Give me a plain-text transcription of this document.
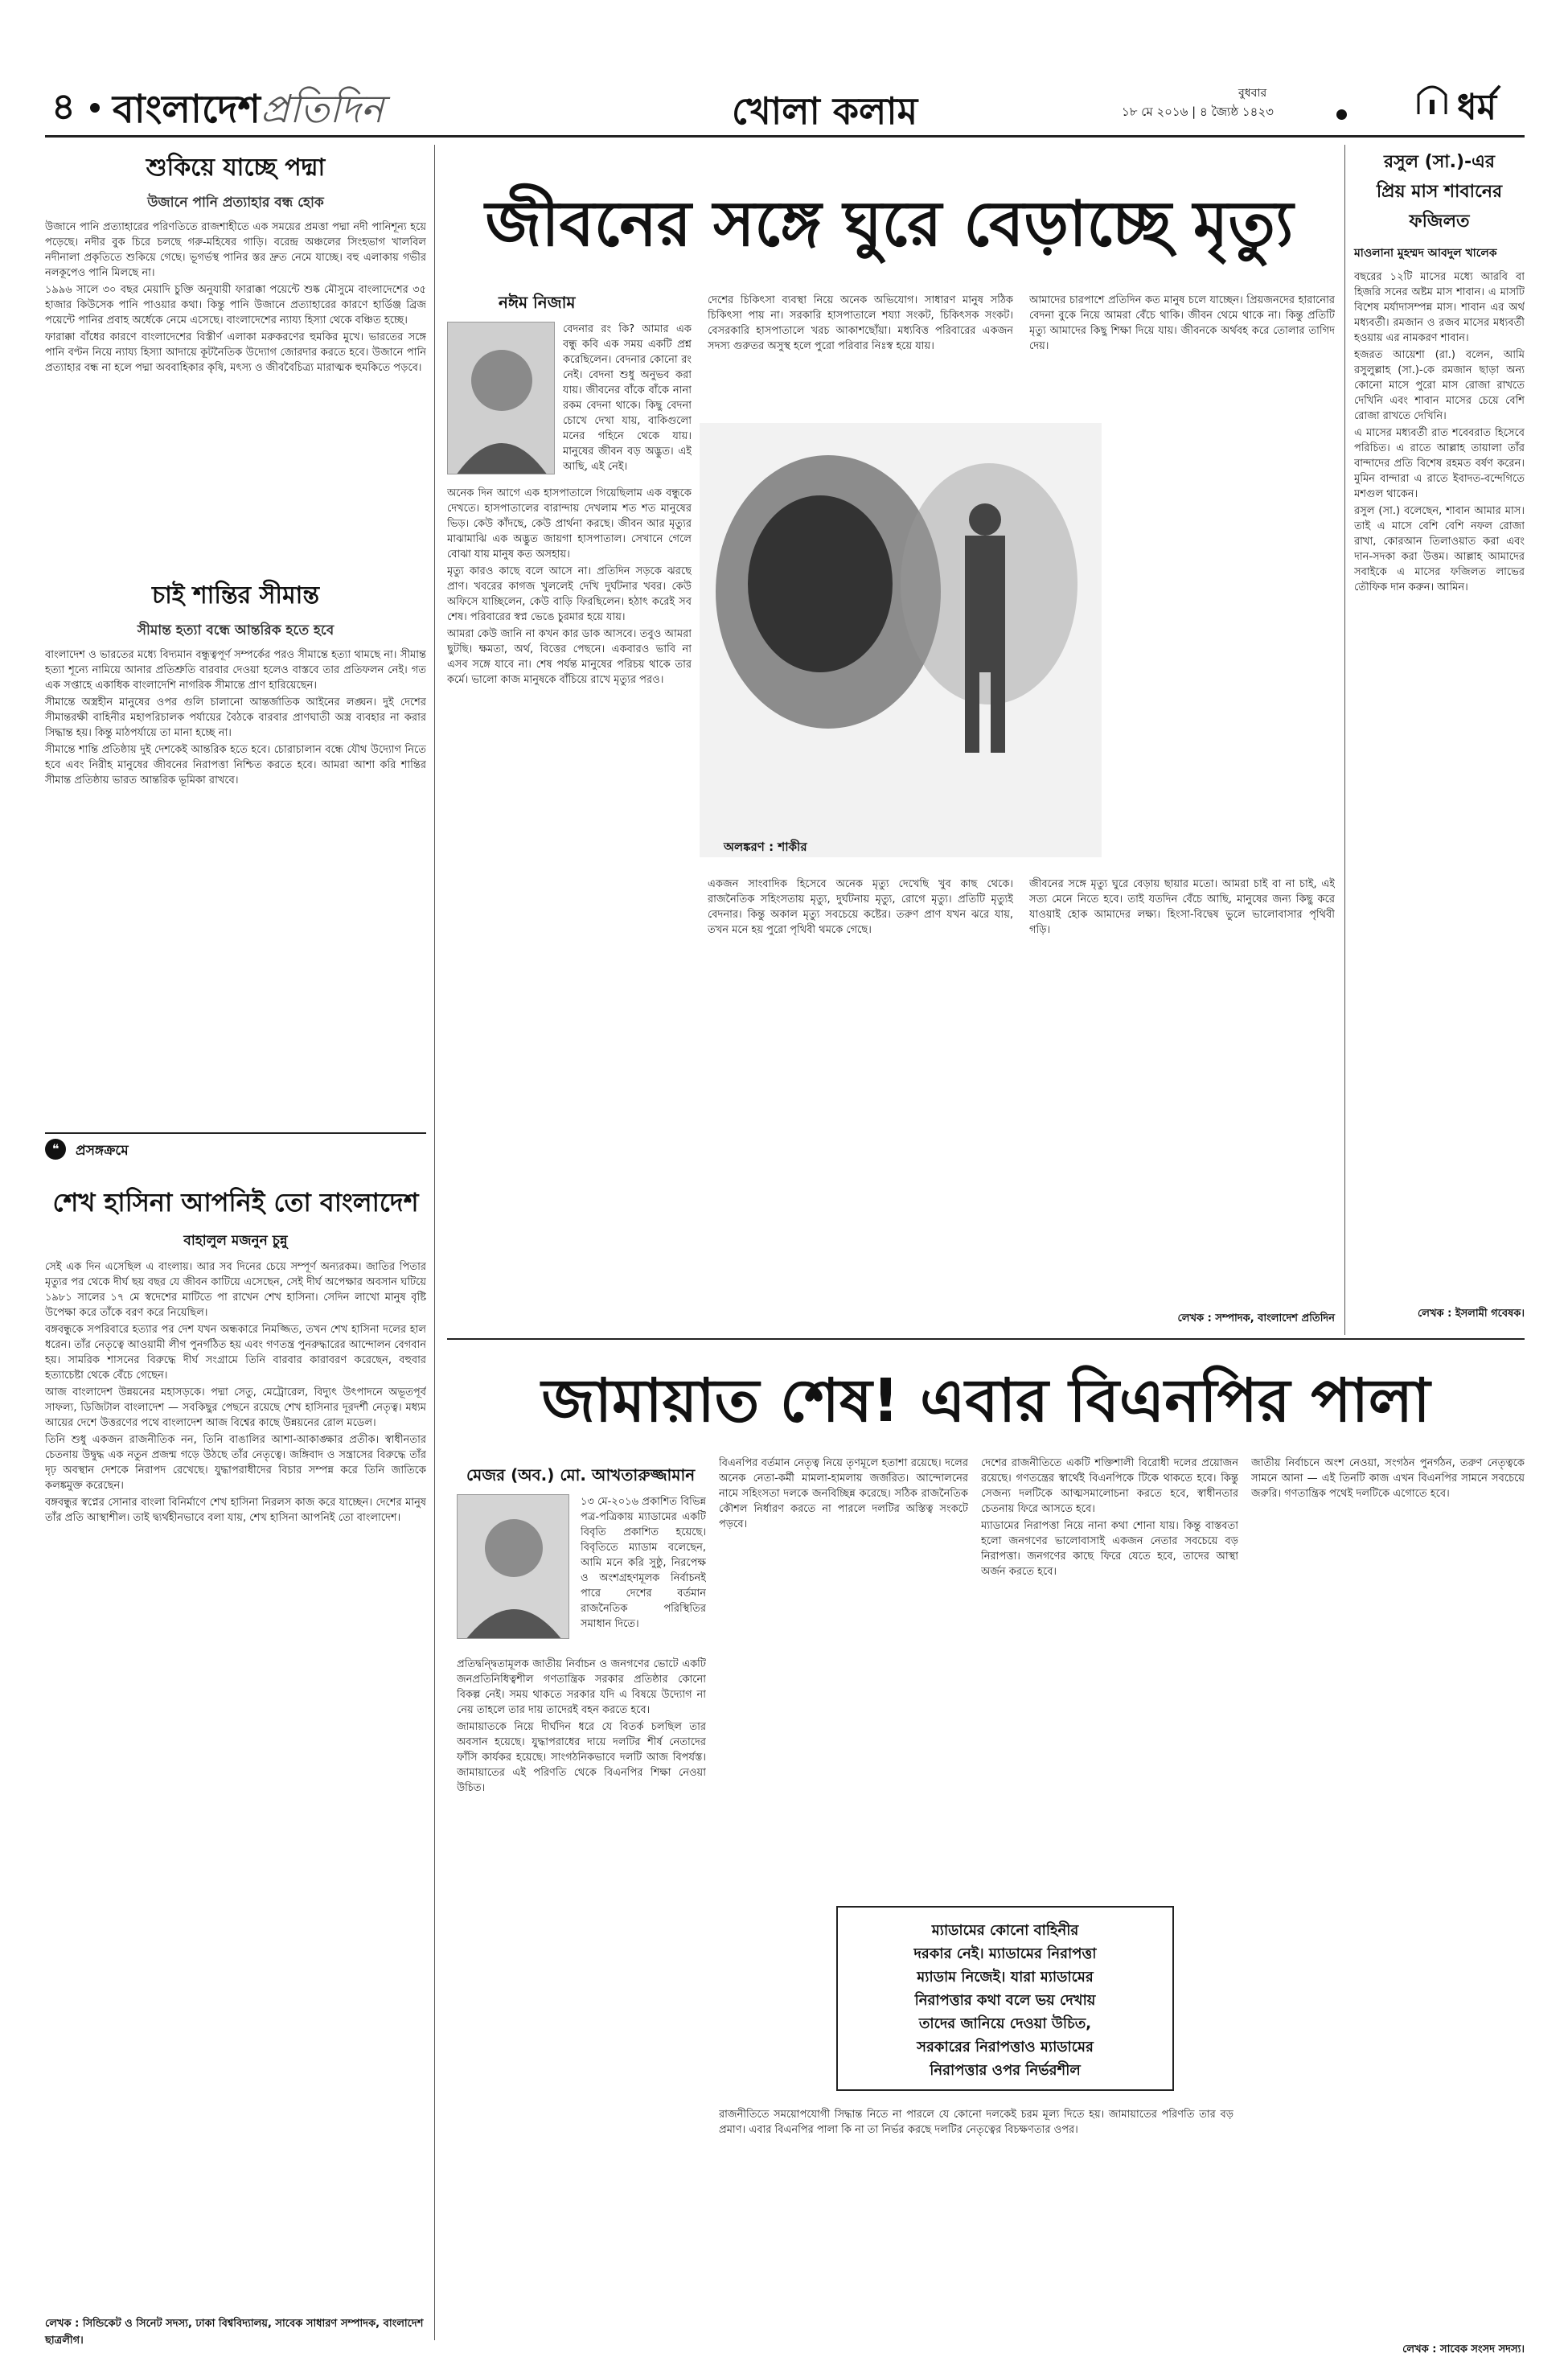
৪ বাংলাদেশপ্রতিদিন	খোলা কলাম	বুধবার
১৮ মে ২০১৬ | ৪ জ্যৈষ্ঠ ১৪২৩	ধর্ম
শুকিয়ে যাচ্ছে পদ্মা
উজানে পানি প্রত্যাহার বন্ধ হোক

উজানে পানি প্রত্যাহারের পরিণতিতে রাজশাহীতে এক সময়ের প্রমত্তা পদ্মা নদী পানিশূন্য হয়ে পড়েছে। নদীর বুক চিরে চলছে গরু-মহিষের গাড়ি। বরেন্দ্র অঞ্চলের সিংহভাগ খালবিল নদীনালা প্রকৃতিতে শুকিয়ে গেছে। ভূগর্ভস্থ পানির স্তর দ্রুত নেমে যাচ্ছে। বহু এলাকায় গভীর নলকূপেও পানি মিলছে না।

১৯৯৬ সালে ৩০ বছর মেয়াদি চুক্তি অনুযায়ী ফারাক্কা পয়েন্টে শুষ্ক মৌসুমে বাংলাদেশের ৩৫ হাজার কিউসেক পানি পাওয়ার কথা। কিন্তু পানি উজানে প্রত্যাহারের কারণে হার্ডিঞ্জ ব্রিজ পয়েন্টে পানির প্রবাহ অর্ধেকে নেমে এসেছে। বাংলাদেশের ন্যায্য হিস্যা থেকে বঞ্চিত হচ্ছে।

ফারাক্কা বাঁধের কারণে বাংলাদেশের বিস্তীর্ণ এলাকা মরুকরণের হুমকির মুখে। ভারতের সঙ্গে পানি বণ্টন নিয়ে ন্যায্য হিস্যা আদায়ে কূটনৈতিক উদ্যোগ জোরদার করতে হবে। উজানে পানি প্রত্যাহার বন্ধ না হলে পদ্মা অববাহিকার কৃষি, মৎস্য ও জীববৈচিত্র্য মারাত্মক হুমকিতে পড়বে।

চাই শান্তির সীমান্ত
সীমান্ত হত্যা বন্ধে আন্তরিক হতে হবে

বাংলাদেশ ও ভারতের মধ্যে বিদ্যমান বন্ধুত্বপূর্ণ সম্পর্কের পরও সীমান্তে হত্যা থামছে না। সীমান্ত হত্যা শূন্যে নামিয়ে আনার প্রতিশ্রুতি বারবার দেওয়া হলেও বাস্তবে তার প্রতিফলন নেই। গত এক সপ্তাহে একাধিক বাংলাদেশি নাগরিক সীমান্তে প্রাণ হারিয়েছেন।

সীমান্তে অস্ত্রহীন মানুষের ওপর গুলি চালানো আন্তর্জাতিক আইনের লঙ্ঘন। দুই দেশের সীমান্তরক্ষী বাহিনীর মহাপরিচালক পর্যায়ের বৈঠকে বারবার প্রাণঘাতী অস্ত্র ব্যবহার না করার সিদ্ধান্ত হয়। কিন্তু মাঠপর্যায়ে তা মানা হচ্ছে না।

সীমান্তে শান্তি প্রতিষ্ঠায় দুই দেশকেই আন্তরিক হতে হবে। চোরাচালান বন্ধে যৌথ উদ্যোগ নিতে হবে এবং নিরীহ মানুষের জীবনের নিরাপত্তা নিশ্চিত করতে হবে। আমরা আশা করি শান্তির সীমান্ত প্রতিষ্ঠায় ভারত আন্তরিক ভূমিকা রাখবে।

❝	প্রসঙ্গক্রমে
শেখ হাসিনা আপনিই তো বাংলাদেশ
বাহালুল মজনুন চুন্নু

সেই এক দিন এসেছিল এ বাংলায়। আর সব দিনের চেয়ে সম্পূর্ণ অন্যরকম। জাতির পিতার মৃত্যুর পর থেকে দীর্ঘ ছয় বছর যে জীবন কাটিয়ে এসেছেন, সেই দীর্ঘ অপেক্ষার অবসান ঘটিয়ে ১৯৮১ সালের ১৭ মে স্বদেশের মাটিতে পা রাখেন শেখ হাসিনা। সেদিন লাখো মানুষ বৃষ্টি উপেক্ষা করে তাঁকে বরণ করে নিয়েছিল।

বঙ্গবন্ধুকে সপরিবারে হত্যার পর দেশ যখন অন্ধকারে নিমজ্জিত, তখন শেখ হাসিনা দলের হাল ধরেন। তাঁর নেতৃত্বে আওয়ামী লীগ পুনর্গঠিত হয় এবং গণতন্ত্র পুনরুদ্ধারের আন্দোলন বেগবান হয়। সামরিক শাসনের বিরুদ্ধে দীর্ঘ সংগ্রামে তিনি বারবার কারাবরণ করেছেন, বহুবার হত্যাচেষ্টা থেকে বেঁচে গেছেন।

আজ বাংলাদেশ উন্নয়নের মহাসড়কে। পদ্মা সেতু, মেট্রোরেল, বিদ্যুৎ উৎপাদনে অভূতপূর্ব সাফল্য, ডিজিটাল বাংলাদেশ — সবকিছুর পেছনে রয়েছে শেখ হাসিনার দূরদর্শী নেতৃত্ব। মধ্যম আয়ের দেশে উত্তরণের পথে বাংলাদেশ আজ বিশ্বের কাছে উন্নয়নের রোল মডেল।

তিনি শুধু একজন রাজনীতিক নন, তিনি বাঙালির আশা-আকাঙ্ক্ষার প্রতীক। স্বাধীনতার চেতনায় উদ্বুদ্ধ এক নতুন প্রজন্ম গড়ে উঠছে তাঁর নেতৃত্বে। জঙ্গিবাদ ও সন্ত্রাসের বিরুদ্ধে তাঁর দৃঢ় অবস্থান দেশকে নিরাপদ রেখেছে। যুদ্ধাপরাধীদের বিচার সম্পন্ন করে তিনি জাতিকে কলঙ্কমুক্ত করেছেন।

বঙ্গবন্ধুর স্বপ্নের সোনার বাংলা বিনির্মাণে শেখ হাসিনা নিরলস কাজ করে যাচ্ছেন। দেশের মানুষ তাঁর প্রতি আস্থাশীল। তাই দ্ব্যর্থহীনভাবে বলা যায়, শেখ হাসিনা আপনিই তো বাংলাদেশ।

লেখক : সিন্ডিকেট ও সিনেট সদস্য, ঢাকা বিশ্ববিদ্যালয়, সাবেক সাধারণ সম্পাদক, বাংলাদেশ ছাত্রলীগ।
জীবনের সঙ্গে ঘুরে বেড়াচ্ছে মৃত্যু
নঈম নিজাম
অলঙ্করণ : শাকীর

বেদনার রং কি? আমার এক বন্ধু কবি এক সময় একটি প্রশ্ন করেছিলেন। বেদনার কোনো রং নেই। বেদনা শুধু অনুভব করা যায়। জীবনের বাঁকে বাঁকে নানা রকম বেদনা থাকে। কিছু বেদনা চোখে দেখা যায়, বাকিগুলো মনের গহিনে থেকে যায়। মানুষের জীবন বড় অদ্ভুত। এই আছি, এই নেই।

অনেক দিন আগে এক হাসপাতালে গিয়েছিলাম এক বন্ধুকে দেখতে। হাসপাতালের বারান্দায় দেখলাম শত শত মানুষের ভিড়। কেউ কাঁদছে, কেউ প্রার্থনা করছে। জীবন আর মৃত্যুর মাঝামাঝি এক অদ্ভুত জায়গা হাসপাতাল। সেখানে গেলে বোঝা যায় মানুষ কত অসহায়।

মৃত্যু কারও কাছে বলে আসে না। প্রতিদিন সড়কে ঝরছে প্রাণ। খবরের কাগজ খুললেই দেখি দুর্ঘটনার খবর। কেউ অফিসে যাচ্ছিলেন, কেউ বাড়ি ফিরছিলেন। হঠাৎ করেই সব শেষ। পরিবারের স্বপ্ন ভেঙে চুরমার হয়ে যায়।

আমরা কেউ জানি না কখন কার ডাক আসবে। তবুও আমরা ছুটছি। ক্ষমতা, অর্থ, বিত্তের পেছনে। একবারও ভাবি না এসব সঙ্গে যাবে না। শেষ পর্যন্ত মানুষের পরিচয় থাকে তার কর্মে। ভালো কাজ মানুষকে বাঁচিয়ে রাখে মৃত্যুর পরও।

দেশের চিকিৎসা ব্যবস্থা নিয়ে অনেক অভিযোগ। সাধারণ মানুষ সঠিক চিকিৎসা পায় না। সরকারি হাসপাতালে শয্যা সংকট, চিকিৎসক সংকট। বেসরকারি হাসপাতালে খরচ আকাশছোঁয়া। মধ্যবিত্ত পরিবারের একজন সদস্য গুরুতর অসুস্থ হলে পুরো পরিবার নিঃস্ব হয়ে যায়।

আমাদের চারপাশে প্রতিদিন কত মানুষ চলে যাচ্ছেন। প্রিয়জনদের হারানোর বেদনা বুকে নিয়ে আমরা বেঁচে থাকি। জীবন থেমে থাকে না। কিন্তু প্রতিটি মৃত্যু আমাদের কিছু শিক্ষা দিয়ে যায়। জীবনকে অর্থবহ করে তোলার তাগিদ দেয়।

একজন সাংবাদিক হিসেবে অনেক মৃত্যু দেখেছি খুব কাছ থেকে। রাজনৈতিক সহিংসতায় মৃত্যু, দুর্ঘটনায় মৃত্যু, রোগে মৃত্যু। প্রতিটি মৃত্যুই বেদনার। কিন্তু অকাল মৃত্যু সবচেয়ে কষ্টের। তরুণ প্রাণ যখন ঝরে যায়, তখন মনে হয় পুরো পৃথিবী থমকে গেছে।

জীবনের সঙ্গে মৃত্যু ঘুরে বেড়ায় ছায়ার মতো। আমরা চাই বা না চাই, এই সত্য মেনে নিতে হবে। তাই যতদিন বেঁচে আছি, মানুষের জন্য কিছু করে যাওয়াই হোক আমাদের লক্ষ্য। হিংসা-বিদ্বেষ ভুলে ভালোবাসার পৃথিবী গড়ি।

লেখক : সম্পাদক, বাংলাদেশ প্রতিদিন
রসুল (সা.)-এর
প্রিয় মাস শাবানের
ফজিলত
মাওলানা মুহম্মদ আবদুল খালেক

বছরের ১২টি মাসের মধ্যে আরবি বা হিজরি সনের অষ্টম মাস শাবান। এ মাসটি বিশেষ মর্যাদাসম্পন্ন মাস। শাবান এর অর্থ মধ্যবর্তী। রমজান ও রজব মাসের মধ্যবর্তী হওয়ায় এর নামকরণ শাবান।

হজরত আয়েশা (রা.) বলেন, আমি রসুলুল্লাহ (সা.)-কে রমজান ছাড়া অন্য কোনো মাসে পুরো মাস রোজা রাখতে দেখিনি এবং শাবান মাসের চেয়ে বেশি রোজা রাখতে দেখিনি।

এ মাসের মধ্যবর্তী রাত শবেবরাত হিসেবে পরিচিত। এ রাতে আল্লাহ তায়ালা তাঁর বান্দাদের প্রতি বিশেষ রহমত বর্ষণ করেন। মুমিন বান্দারা এ রাতে ইবাদত-বন্দেগিতে মশগুল থাকেন।

রসুল (সা.) বলেছেন, শাবান আমার মাস। তাই এ মাসে বেশি বেশি নফল রোজা রাখা, কোরআন তিলাওয়াত করা এবং দান-সদকা করা উত্তম। আল্লাহ আমাদের সবাইকে এ মাসের ফজিলত লাভের তৌফিক দান করুন। আমিন।

লেখক : ইসলামী গবেষক।
জামায়াত শেষ! এবার বিএনপির পালা
মেজর (অব.) মো. আখতারুজ্জামান

১৩ মে-২০১৬ প্রকাশিত বিভিন্ন পত্র-পত্রিকায় ম্যাডামের একটি বিবৃতি প্রকাশিত হয়েছে। বিবৃতিতে ম্যাডাম বলেছেন, আমি মনে করি সুষ্ঠু, নিরপেক্ষ ও অংশগ্রহণমূলক নির্বাচনই পারে দেশের বর্তমান রাজনৈতিক পরিস্থিতির সমাধান দিতে।

প্রতিদ্বন্দ্বিতামূলক জাতীয় নির্বাচন ও জনগণের ভোটে একটি জনপ্রতিনিধিত্বশীল গণতান্ত্রিক সরকার প্রতিষ্ঠার কোনো বিকল্প নেই। সময় থাকতে সরকার যদি এ বিষয়ে উদ্যোগ না নেয় তাহলে তার দায় তাদেরই বহন করতে হবে।

জামায়াতকে নিয়ে দীর্ঘদিন ধরে যে বিতর্ক চলছিল তার অবসান হয়েছে। যুদ্ধাপরাধের দায়ে দলটির শীর্ষ নেতাদের ফাঁসি কার্যকর হয়েছে। সাংগঠনিকভাবে দলটি আজ বিপর্যস্ত। জামায়াতের এই পরিণতি থেকে বিএনপির শিক্ষা নেওয়া উচিত।

বিএনপির বর্তমান নেতৃত্ব নিয়ে তৃণমূলে হতাশা রয়েছে। দলের অনেক নেতা-কর্মী মামলা-হামলায় জর্জরিত। আন্দোলনের নামে সহিংসতা দলকে জনবিচ্ছিন্ন করেছে। সঠিক রাজনৈতিক কৌশল নির্ধারণ করতে না পারলে দলটির অস্তিত্ব সংকটে পড়বে।

দেশের রাজনীতিতে একটি শক্তিশালী বিরোধী দলের প্রয়োজন রয়েছে। গণতন্ত্রের স্বার্থেই বিএনপিকে টিকে থাকতে হবে। কিন্তু সেজন্য দলটিকে আত্মসমালোচনা করতে হবে, স্বাধীনতার চেতনায় ফিরে আসতে হবে।

ম্যাডামের নিরাপত্তা নিয়ে নানা কথা শোনা যায়। কিন্তু বাস্তবতা হলো জনগণের ভালোবাসাই একজন নেতার সবচেয়ে বড় নিরাপত্তা। জনগণের কাছে ফিরে যেতে হবে, তাদের আস্থা অর্জন করতে হবে।

ম্যাডামের কোনো বাহিনীর
দরকার নেই। ম্যাডামের নিরাপত্তা
ম্যাডাম নিজেই। যারা ম্যাডামের
নিরাপত্তার কথা বলে ভয় দেখায়
তাদের জানিয়ে দেওয়া উচিত,
সরকারের নিরাপত্তাও ম্যাডামের
নিরাপত্তার ওপর নির্ভরশীল

রাজনীতিতে সময়োপযোগী সিদ্ধান্ত নিতে না পারলে যে কোনো দলকেই চরম মূল্য দিতে হয়। জামায়াতের পরিণতি তার বড় প্রমাণ। এবার বিএনপির পালা কি না তা নির্ভর করছে দলটির নেতৃত্বের বিচক্ষণতার ওপর।

জাতীয় নির্বাচনে অংশ নেওয়া, সংগঠন পুনর্গঠন, তরুণ নেতৃত্বকে সামনে আনা — এই তিনটি কাজ এখন বিএনপির সামনে সবচেয়ে জরুরি। গণতান্ত্রিক পথেই দলটিকে এগোতে হবে।

লেখক : সাবেক সংসদ সদস্য।
